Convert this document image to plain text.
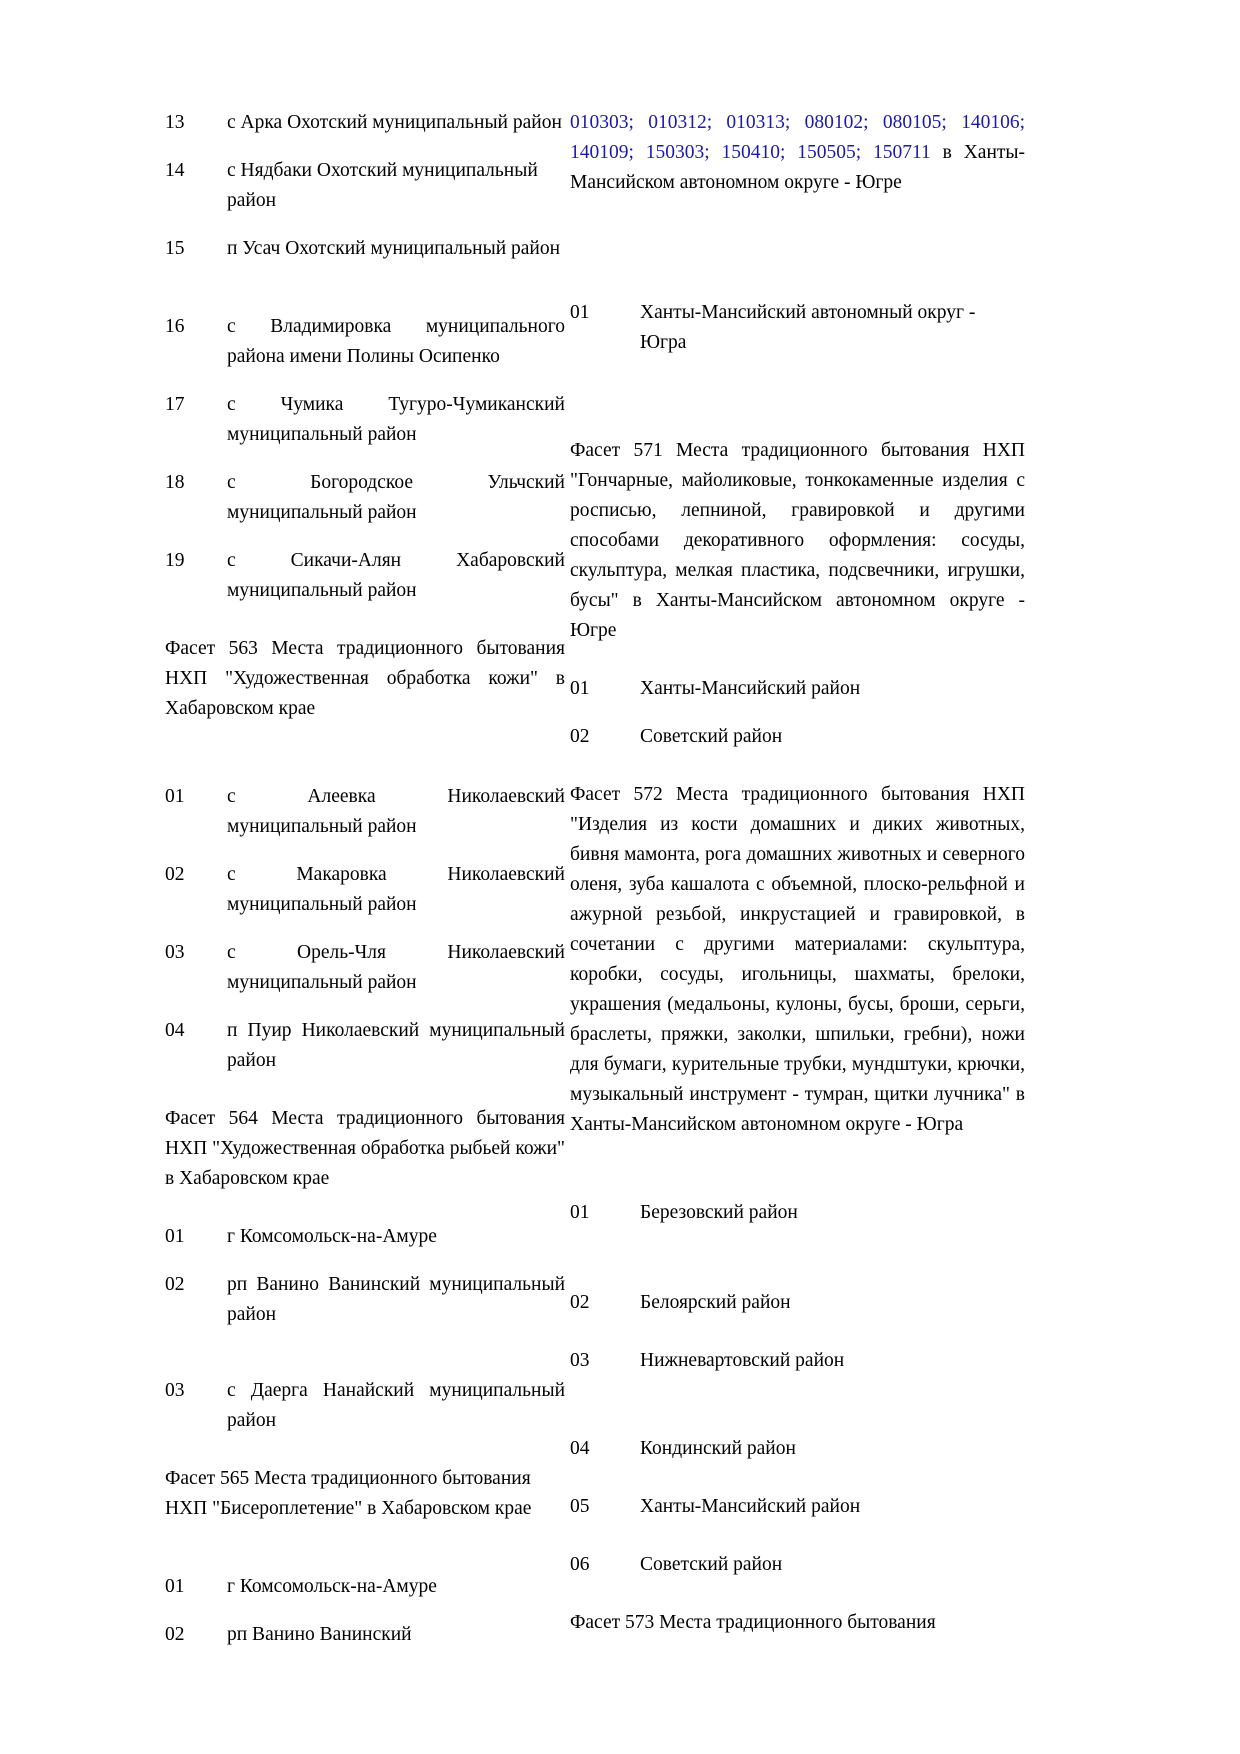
13	с Арка Охотский муниципальный район
14	с Нядбаки Охотский муниципальный район
15	п Усач Охотский муниципальный район
16	с Владимировка муниципального района имени Полины Осипенко
17	с Чумика Тугуро-Чумиканский муниципальный район
18	с Богородское Ульчский муниципальный район
19	с Сикачи-Алян Хабаровский муниципальный район
Фасет 563 Места традиционного бытования НХП "Художественная обработка кожи" в Хабаровском крае
01	с Алеевка Николаевский муниципальный район
02	с Макаровка Николаевский муниципальный район
03	с Орель-Чля Николаевский муниципальный район
04	п Пуир Николаевский муниципальный район
Фасет 564 Места традиционного бытования НХП "Художественная обработка рыбьей кожи" в Хабаровском крае
01	г Комсомольск-на-Амуре
02	рп Ванино Ванинский муниципальный район
03	с Даерга Нанайский муниципальный район
Фасет 565 Места традиционного бытования НХП "Бисероплетение" в Хабаровском крае
01	г Комсомольск-на-Амуре
02	рп Ванино Ванинский
010303; 010312; 010313; 080102; 080105; 140106; 140109; 150303; 150410; 150505; 150711 в Ханты-Мансийском автономном округе - Югре
01	Ханты-Мансийский автономный округ - Югра
Фасет 571 Места традиционного бытования НХП "Гончарные, майоликовые, тонкокаменные изделия с росписью, лепниной, гравировкой и другими способами декоративного оформления: сосуды, скульптура, мелкая пластика, подсвечники, игрушки, бусы" в Ханты-Мансийском автономном округе - Югре
01	Ханты-Мансийский район
02	Советский район
Фасет 572 Места традиционного бытования НХП "Изделия из кости домашних и диких животных, бивня мамонта, рога домашних животных и северного оленя, зуба кашалота с объемной, плоско-рельфной и ажурной резьбой, инкрустацией и гравировкой, в сочетании с другими материалами: скульптура, коробки, сосуды, игольницы, шахматы, брелоки, украшения (медальоны, кулоны, бусы, броши, серьги, браслеты, пряжки, заколки, шпильки, гребни), ножи для бумаги, курительные трубки, мундштуки, крючки, музыкальный инструмент - тумран, щитки лучника" в Ханты-Мансийском автономном округе - Югра
01	Березовский район
02	Белоярский район
03	Нижневартовский район
04	Кондинский район
05	Ханты-Мансийский район
06	Советский район
Фасет 573 Места традиционного бытования
